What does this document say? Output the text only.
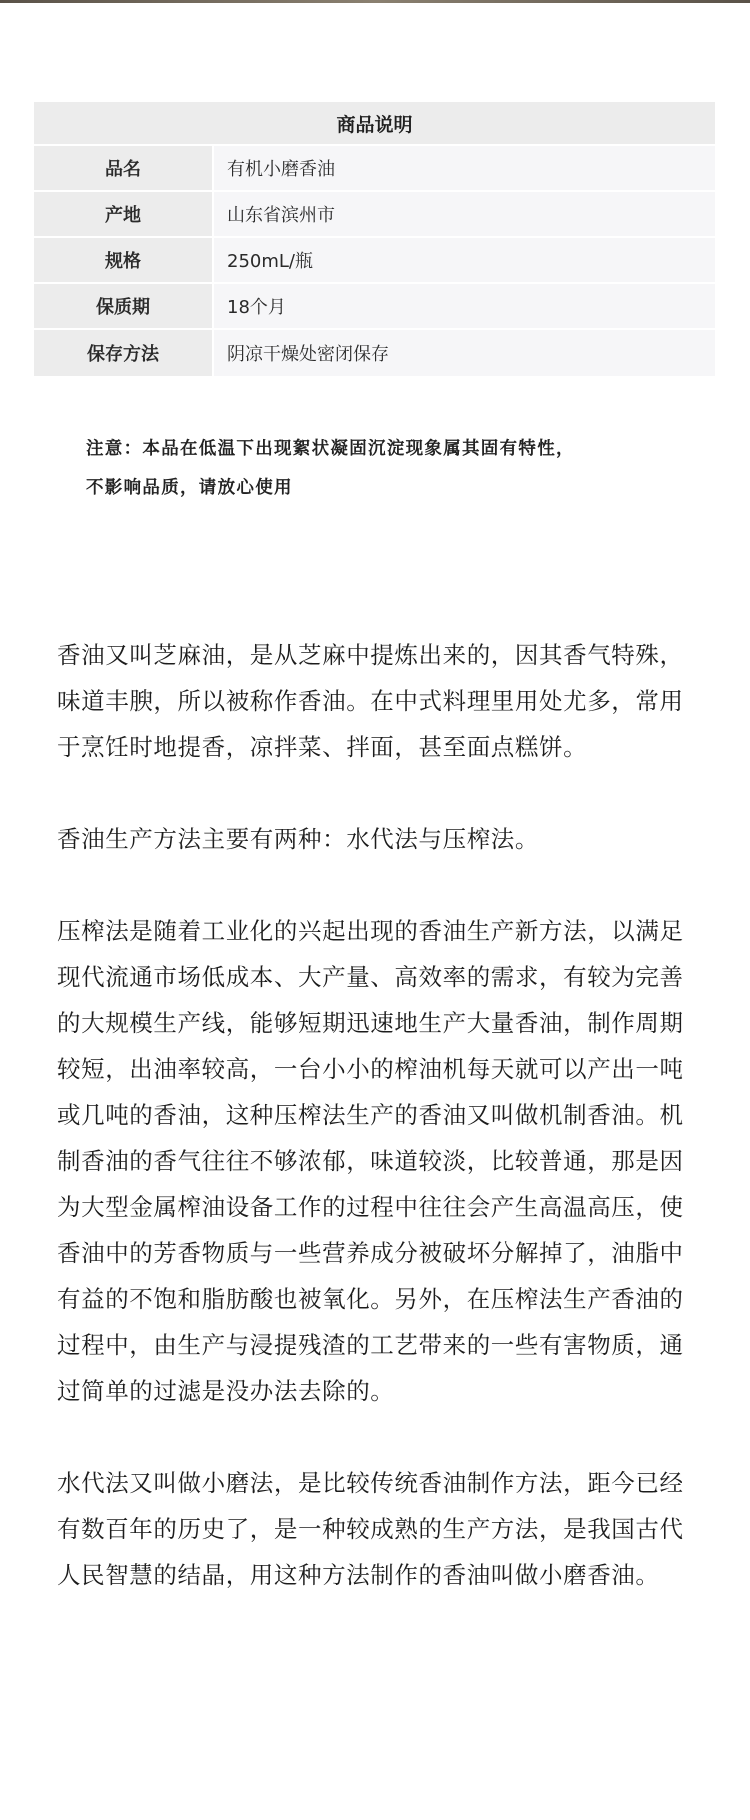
商品说明
品名	有机小磨香油
产地	山东省滨州市
规格	250mL/瓶
保质期	18个月
保存方法	阴凉干燥处密闭保存
注意：本品在低温下出现絮状凝固沉淀现象属其固有特性，
不影响品质，请放心使用

香油又叫芝麻油，是从芝麻中提炼出来的，因其香气特殊，味道丰腴，所以被称作香油。在中式料理里用处尤多，常用于烹饪时地提香，凉拌菜、拌面，甚至面点糕饼。

香油生产方法主要有两种：水代法与压榨法。

压榨法是随着工业化的兴起出现的香油生产新方法，以满足现代流通市场低成本、大产量、高效率的需求，有较为完善的大规模生产线，能够短期迅速地生产大量香油，制作周期较短，出油率较高，一台小小的榨油机每天就可以产出一吨或几吨的香油，这种压榨法生产的香油又叫做机制香油。机制香油的香气往往不够浓郁，味道较淡，比较普通，那是因为大型金属榨油设备工作的过程中往往会产生高温高压，使香油中的芳香物质与一些营养成分被破坏分解掉了，油脂中有益的不饱和脂肪酸也被氧化。另外，在压榨法生产香油的过程中，由生产与浸提残渣的工艺带来的一些有害物质，通过简单的过滤是没办法去除的。

水代法又叫做小磨法，是比较传统香油制作方法，距今已经有数百年的历史了，是一种较成熟的生产方法，是我国古代人民智慧的结晶，用这种方法制作的香油叫做小磨香油。
